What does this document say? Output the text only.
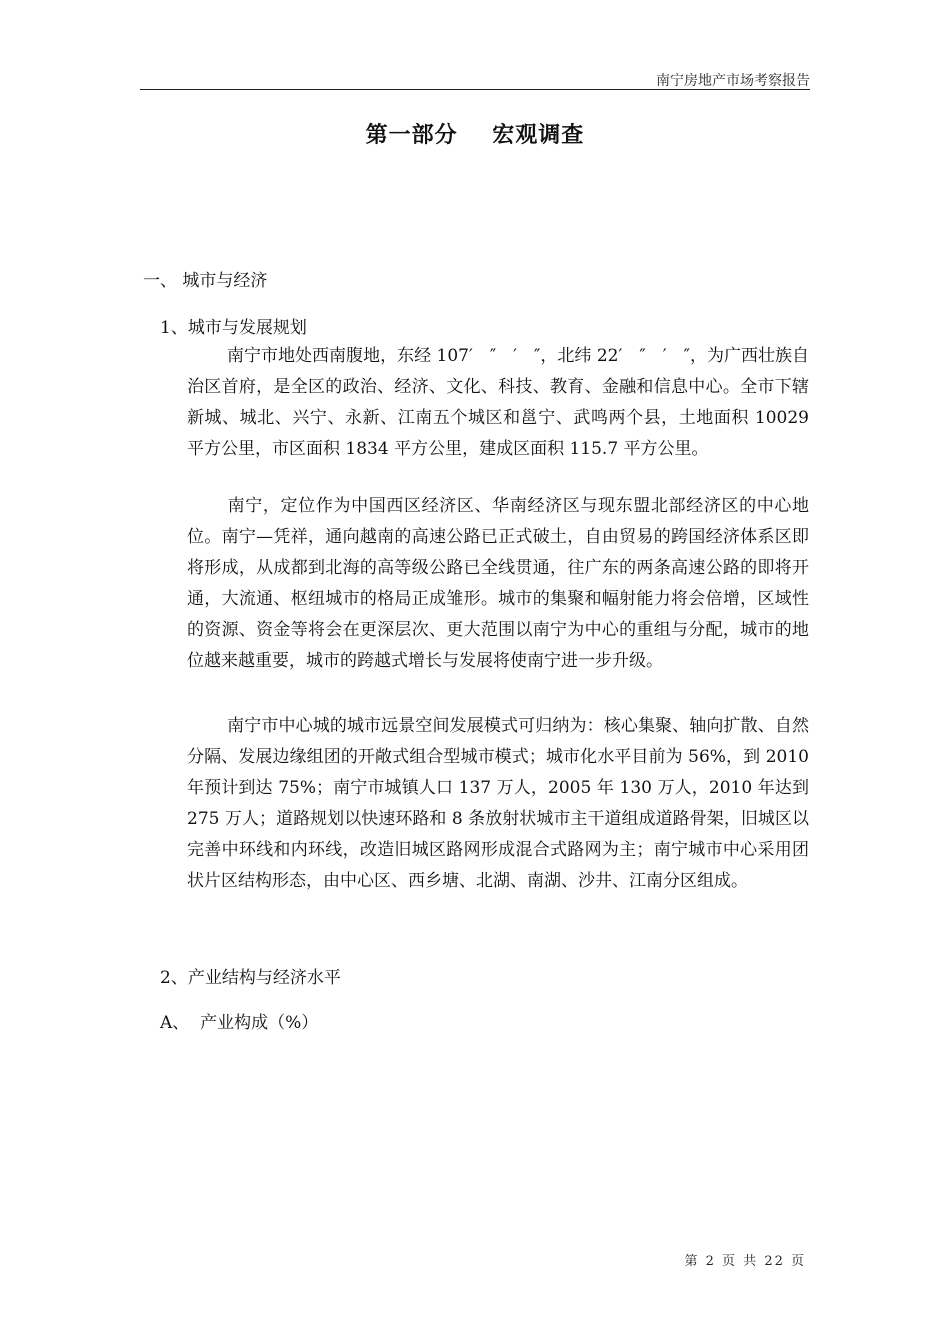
南宁房地产市场考察报告
第一部分    宏观调查
一、 城市与经济
1、城市与发展规划

南宁市地处西南腹地，东经 107′　″　′　″，北纬 22′　″　′　″，为广西壮族自治区首府，是全区的政治、经济、文化、科技、教育、金融和信息中心。全市下辖新城、城北、兴宁、永新、江南五个城区和邕宁、武鸣两个县，土地面积 10029 平方公里，市区面积 1834 平方公里，建成区面积 115.7 平方公里。

南宁，定位作为中国西区经济区、华南经济区与现东盟北部经济区的中心地位。南宁—凭祥，通向越南的高速公路已正式破土，自由贸易的跨国经济体系区即将形成，从成都到北海的高等级公路已全线贯通，往广东的两条高速公路的即将开通，大流通、枢纽城市的格局正成雏形。城市的集聚和幅射能力将会倍增，区域性的资源、资金等将会在更深层次、更大范围以南宁为中心的重组与分配，城市的地位越来越重要，城市的跨越式增长与发展将使南宁进一步升级。

南宁市中心城的城市远景空间发展模式可归纳为：核心集聚、轴向扩散、自然分隔、发展边缘组团的开敞式组合型城市模式；城市化水平目前为 56%，到 2010 年预计到达 75%；南宁市城镇人口 137 万人，2005 年 130 万人，2010 年达到 275 万人；道路规划以快速环路和 8 条放射状城市主干道组成道路骨架，旧城区以完善中环线和内环线，改造旧城区路网形成混合式路网为主；南宁城市中心采用团状片区结构形态，由中心区、西乡塘、北湖、南湖、沙井、江南分区组成。

2、产业结构与经济水平
A、  产业构成（%）
第 2 页 共 22 页
